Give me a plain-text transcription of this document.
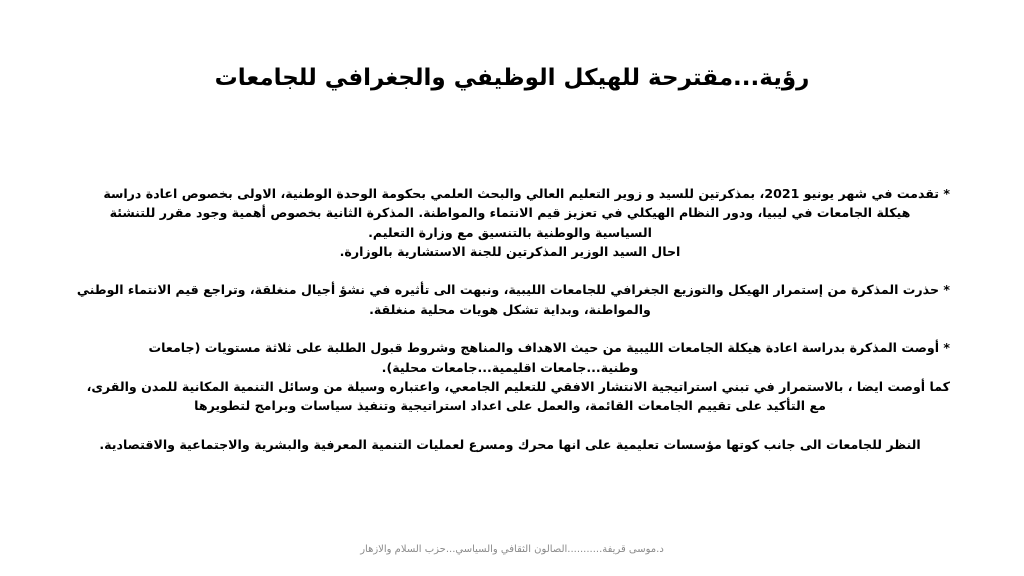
رؤية...مقترحة للهيكل الوظيفي والجغرافي للجامعات
* تقدمت في شهر يونيو 2021، بمذكرتين للسيد و زوير التعليم العالي والبحث العلمي بحكومة الوحدة الوطنية، الاولى بخصوص اعادة دراسة
هيكلة الجامعات في ليبيا، ودور النظام الهيكلي في تعزيز قيم الانتماء والمواطنة. المذكرة الثانية بخصوص أهمية وجود مقرر للتنشئة
السياسية والوطنية بالتنسيق مع وزارة التعليم.
احال السيد الوزير المذكرتين للجنة الاستشارية بالوزارة.
* حذرت المذكرة من إستمرار الهيكل والتوزيع الجغرافي للجامعات الليبية، ونبهت الى تأثيره في نشؤ أجيال منغلقة، وتراجع قيم الانتماء الوطني
والمواطنة، وبداية تشكل هويات محلية منغلقة.
* أوصت المذكرة بدراسة اعادة هيكلة الجامعات الليبية من حيث الاهداف والمناهج وشروط قبول الطلبة على ثلاثة مستويات (جامعات
وطنية...جامعات اقليمية...جامعات محلية).
كما أوصت ايضا ، بالاستمرار في تبني استراتيجية الانتشار الافقي للتعليم الجامعي، واعتباره وسيلة من وسائل التنمية المكانية للمدن والقرى،
مع التأكيد على تقييم الجامعات القائمة، والعمل على اعداد استراتيجية وتنفيذ سياسات وبرامج لتطويرها
النظر للجامعات الى جانب كوتها مؤسسات تعليمية على انها محرك ومسرع لعمليات التنمية المعرفية والبشرية والاجتماعية والاقتصادية.
د.موسى قريفة...........الصالون الثقافي والسياسي...حزب السلام والازهار
